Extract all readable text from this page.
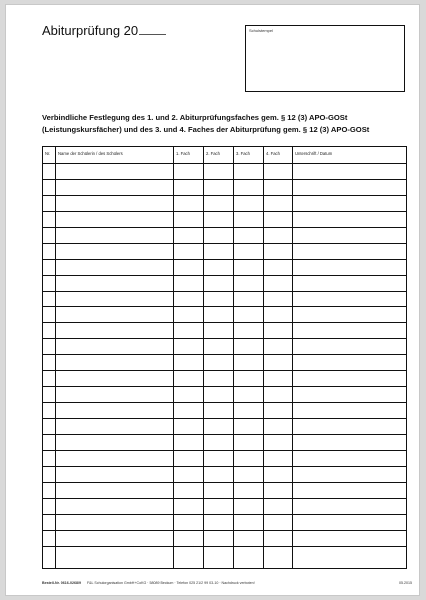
Abiturprüfung 20	Schulstempel
Verbindliche Festlegung des 1. und 2. Abiturprüfungsfaches gem. § 12 (3) APO-GOSt
(Leistungskursfächer) und des 3. und 4. Faches der Abiturprüfung gem. § 12 (3) APO-GOSt
Nr. Name der Schülerin / des Schülers	1. Fach	2. Fach	3. Fach	4. Fach	Unterschrift / Datum
Bestell-Nr. 0616-0268/9 F&L Schulorganisation GmbH+CoKG · 58089 Beckum · Telefon 025 21/2 99 03-10 · Nachdruck verboten!	05.2015
